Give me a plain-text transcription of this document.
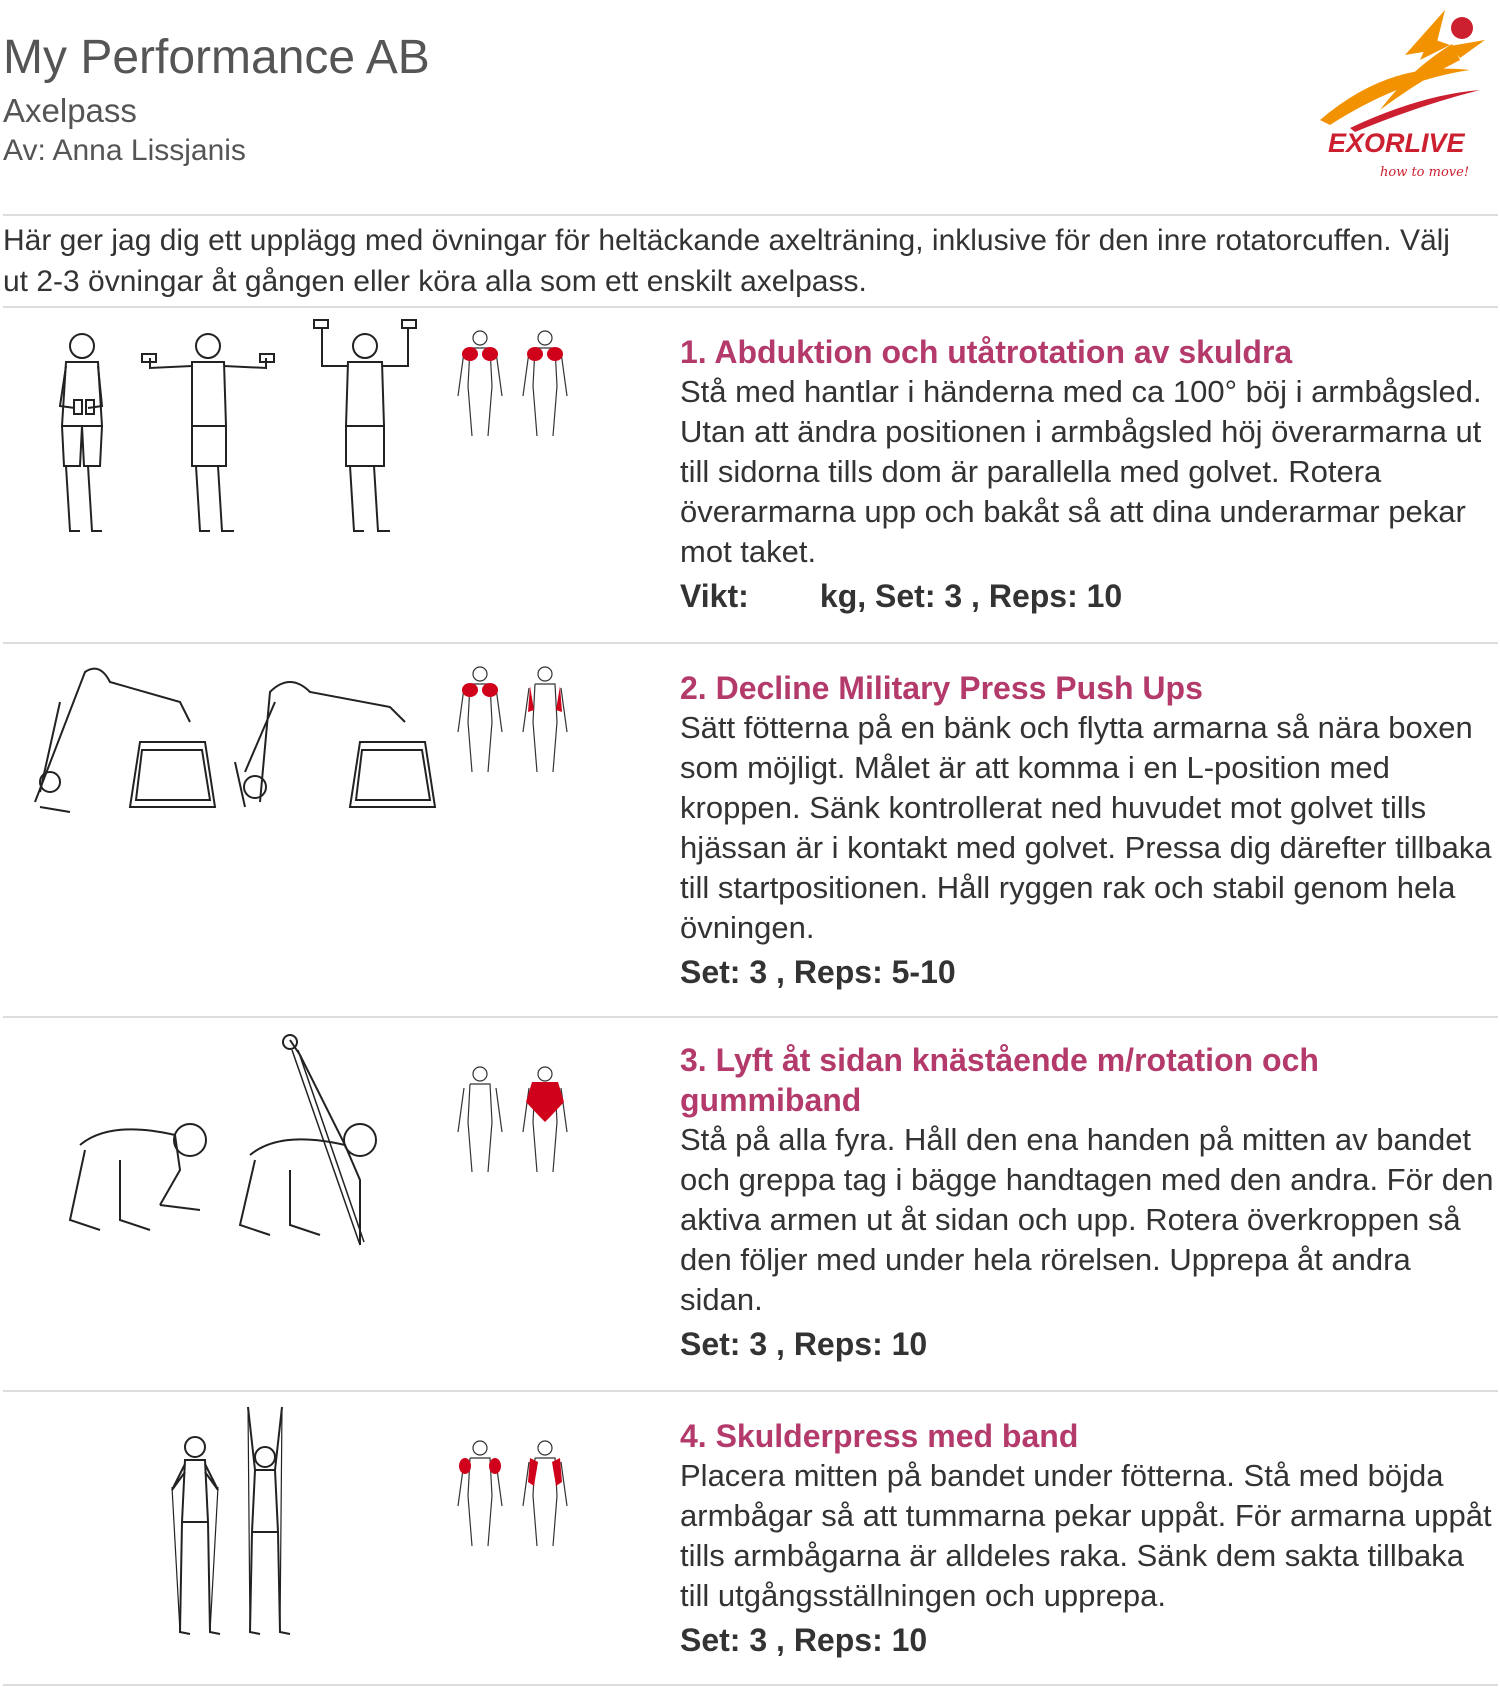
My Performance AB
Axelpass
Av: Anna Lissjanis	EXORLIVE
how to move!
Här ger jag dig ett upplägg med övningar för heltäckande axelträning, inklusive för den inre rotatorcuffen. Välj ut 2-3 övningar åt gången eller köra alla som ett enskilt axelpass.
1. Abduktion och utåtrotation av skuldra
Stå med hantlar i händerna med ca 100° böj i armbågsled. Utan att ändra positionen i armbågsled höj överarmarna ut till sidorna tills dom är parallella med golvet. Rotera överarmarna upp och bakåt så att dina underarmar pekar mot taket.
Vikt:        kg, Set: 3 , Reps: 10
2. Decline Military Press Push Ups
Sätt fötterna på en bänk och flytta armarna så nära boxen som möjligt. Målet är att komma i en L-position med kroppen. Sänk kontrollerat ned huvudet mot golvet tills hjässan är i kontakt med golvet. Pressa dig därefter tillbaka till startpositionen. Håll ryggen rak och stabil genom hela övningen.
Set: 3 , Reps: 5-10
3. Lyft åt sidan knästående m/rotation och gummiband
Stå på alla fyra. Håll den ena handen på mitten av bandet och greppa tag i bägge handtagen med den andra. För den aktiva armen ut åt sidan och upp. Rotera överkroppen så den följer med under hela rörelsen. Upprepa åt andra sidan.
Set: 3 , Reps: 10
4. Skulderpress med band
Placera mitten på bandet under fötterna. Stå med böjda armbågar så att tummarna pekar uppåt. För armarna uppåt tills armbågarna är alldeles raka. Sänk dem sakta tillbaka till utgångsställningen och upprepa.
Set: 3 , Reps: 10
